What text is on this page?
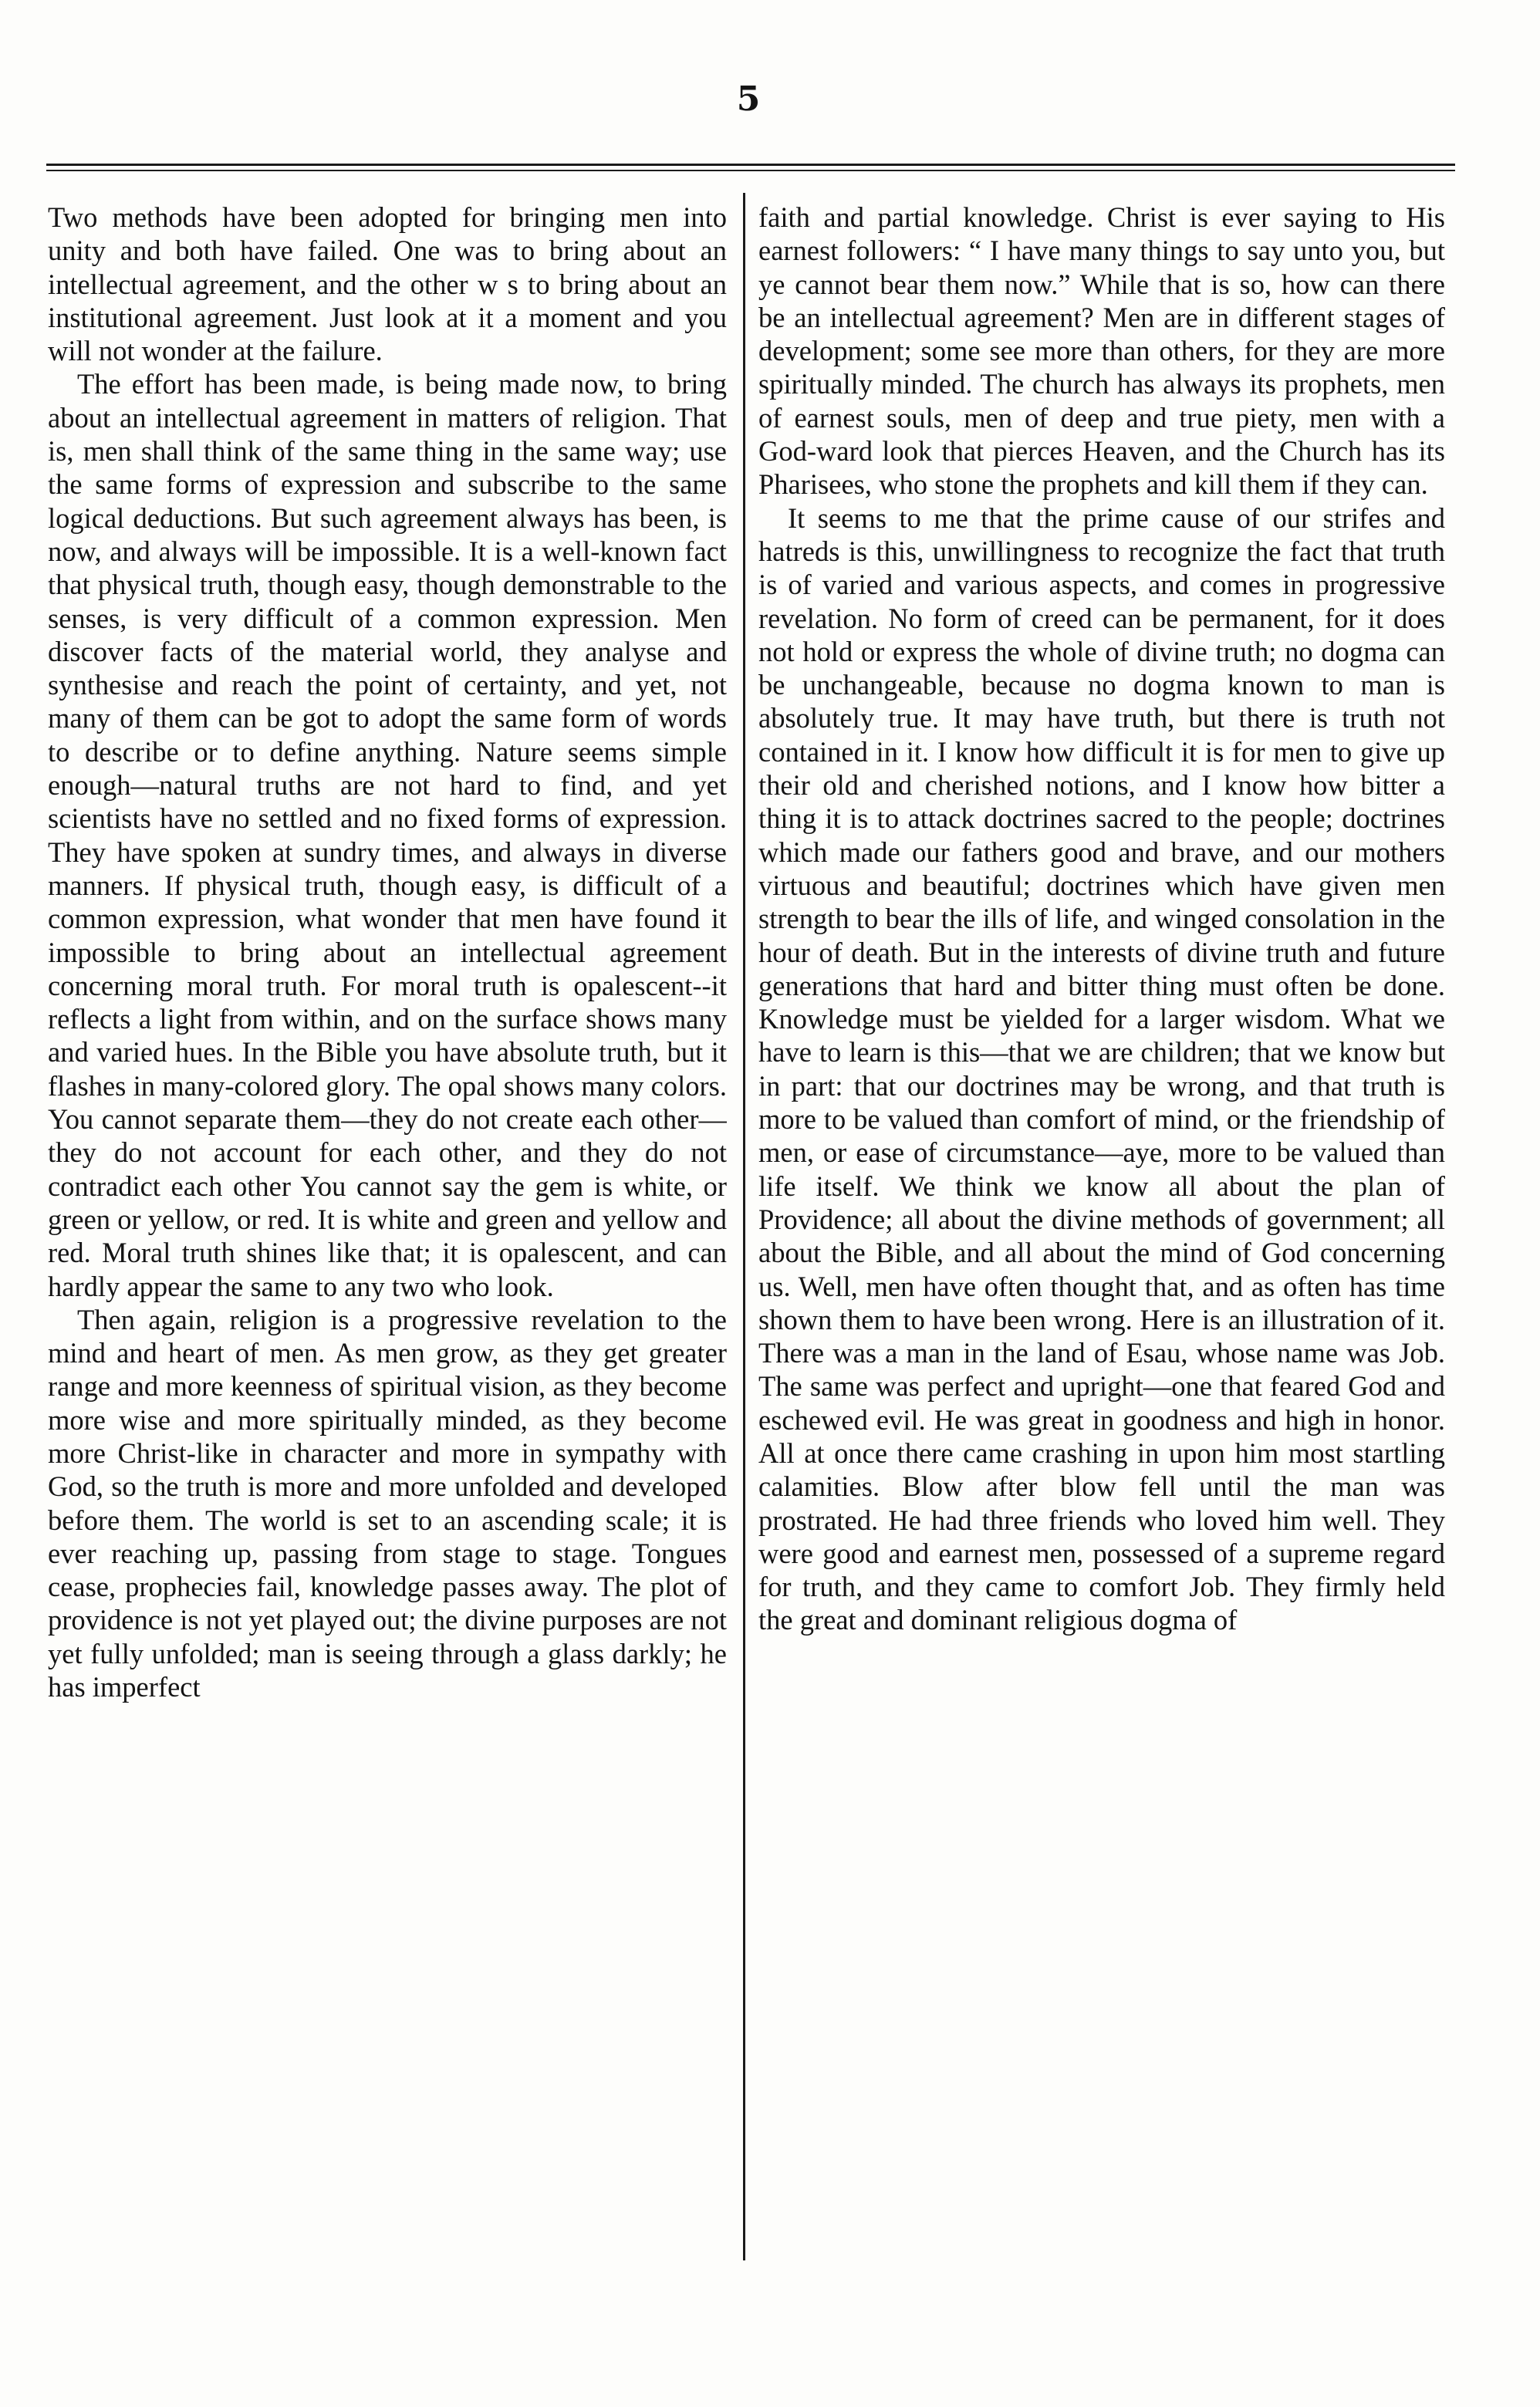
5

Two methods have been adopted for bringing men into unity and both have failed. One was to bring about an intellectual agreement, and the other w s to bring about an institutional agreement. Just look at it a moment and you will not wonder at the failure.

The effort has been made, is being made now, to bring about an intellectual agreement in matters of religion. That is, men shall think of the same thing in the same way; use the same forms of expression and subscribe to the same logical deductions. But such agreement always has been, is now, and always will be impossible. It is a well-known fact that physical truth, though easy, though demonstrable to the senses, is very difficult of a common expression. Men discover facts of the material world, they analyse and synthesise and reach the point of certainty, and yet, not many of them can be got to adopt the same form of words to describe or to define anything. Nature seems simple enough—natural truths are not hard to find, and yet scientists have no settled and no fixed forms of expression. They have spoken at sundry times, and always in diverse manners. If physical truth, though easy, is difficult of a common expression, what wonder that men have found it impossible to bring about an intellectual agreement concerning moral truth. For moral truth is opalescent--it reflects a light from within, and on the surface shows many and varied hues. In the Bible you have absolute truth, but it flashes in many-colored glory. The opal shows many colors. You cannot separate them—they do not create each other—they do not account for each other, and they do not contradict each other You cannot say the gem is white, or green or yellow, or red. It is white and green and yellow and red. Moral truth shines like that; it is opalescent, and can hardly appear the same to any two who look.

Then again, religion is a progressive revelation to the mind and heart of men. As men grow, as they get greater range and more keenness of spiritual vision, as they become more wise and more spiritually minded, as they become more Christ-like in character and more in sympathy with God, so the truth is more and more unfolded and developed before them. The world is set to an ascending scale; it is ever reaching up, passing from stage to stage. Tongues cease, prophecies fail, knowledge passes away. The plot of providence is not yet played out; the divine purposes are not yet fully unfolded; man is seeing through a glass darkly; he has imperfect

faith and partial knowledge. Christ is ever saying to His earnest followers: “ I have many things to say unto you, but ye cannot bear them now.” While that is so, how can there be an intellectual agreement? Men are in different stages of development; some see more than others, for they are more spiritually minded. The church has always its prophets, men of earnest souls, men of deep and true piety, men with a God-ward look that pierces Heaven, and the Church has its Pharisees, who stone the prophets and kill them if they can.

It seems to me that the prime cause of our strifes and hatreds is this, unwillingness to recognize the fact that truth is of varied and various aspects, and comes in progressive revelation. No form of creed can be permanent, for it does not hold or express the whole of divine truth; no dogma can be unchangeable, because no dogma known to man is absolutely true. It may have truth, but there is truth not contained in it. I know how difficult it is for men to give up their old and cherished notions, and I know how bitter a thing it is to attack doctrines sacred to the people; doctrines which made our fathers good and brave, and our mothers virtuous and beautiful; doctrines which have given men strength to bear the ills of life, and winged consolation in the hour of death. But in the interests of divine truth and future generations that hard and bitter thing must often be done. Knowledge must be yielded for a larger wisdom. What we have to learn is this—that we are children; that we know but in part: that our doctrines may be wrong, and that truth is more to be valued than comfort of mind, or the friendship of men, or ease of circumstance—aye, more to be valued than life itself. We think we know all about the plan of Providence; all about the divine methods of government; all about the Bible, and all about the mind of God concerning us. Well, men have often thought that, and as often has time shown them to have been wrong. Here is an illustration of it. There was a man in the land of Esau, whose name was Job. The same was perfect and upright—one that feared God and eschewed evil. He was great in goodness and high in honor. All at once there came crashing in upon him most startling calamities. Blow after blow fell until the man was prostrated. He had three friends who loved him well. They were good and earnest men, possessed of a supreme regard for truth, and they came to comfort Job. They firmly held the great and dominant religious dogma of
